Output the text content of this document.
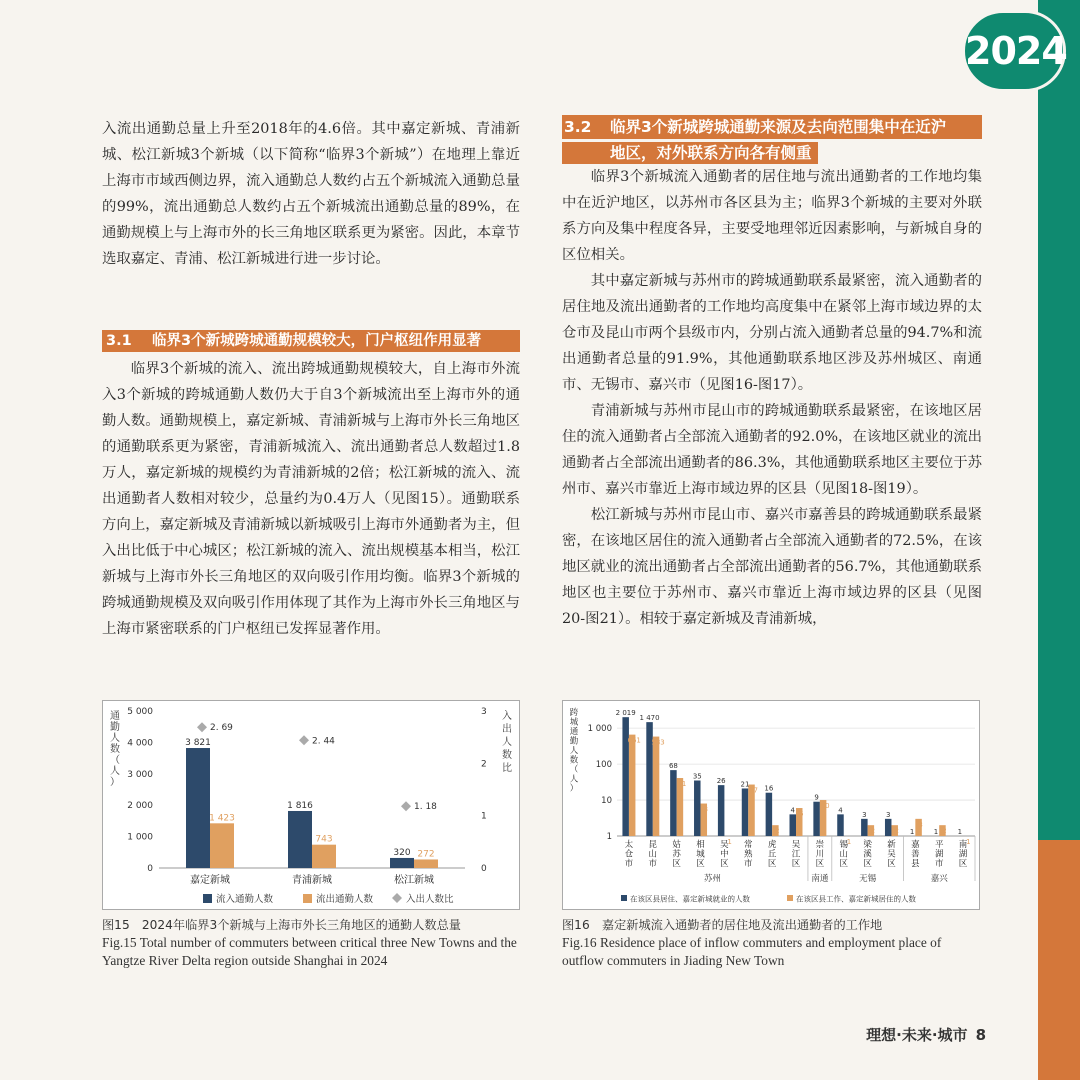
2024

入流出通勤总量上升至2018年的4.6倍。其中嘉定新城、青浦新城、松江新城3个新城（以下简称“临界3个新城”）在地理上靠近上海市市域西侧边界，流入通勤总人数约占五个新城流入通勤总量的99%，流出通勤总人数约占五个新城流出通勤总量的89%，在通勤规模上与上海市外的长三角地区联系更为紧密。因此，本章节选取嘉定、青浦、松江新城进行进一步讨论。

3.1 临界3个新城跨城通勤规模较大，门户枢纽作用显著

临界3个新城的流入、流出跨城通勤规模较大，自上海市外流入3个新城的跨城通勤人数仍大于自3个新城流出至上海市外的通勤人数。通勤规模上，嘉定新城、青浦新城与上海市外长三角地区的通勤联系更为紧密，青浦新城流入、流出通勤者总人数超过1.8万人，嘉定新城的规模约为青浦新城的2倍；松江新城的流入、流出通勤者人数相对较少，总量约为0.4万人（见图15）。通勤联系方向上，嘉定新城及青浦新城以新城吸引上海市外通勤者为主，但入出比低于中心城区；松江新城的流入、流出规模基本相当，松江新城与上海市外长三角地区的双向吸引作用均衡。临界3个新城的跨城通勤规模及双向吸引作用体现了其作为上海市外长三角地区与上海市紧密联系的门户枢纽已发挥显著作用。

3.2 临界3个新城跨城通勤来源及去向范围集中在近沪
地区，对外联系方向各有侧重

临界3个新城流入通勤者的居住地与流出通勤者的工作地均集中在近沪地区，以苏州市各区县为主；临界3个新城的主要对外联系方向及集中程度各异，主要受地理邻近因素影响，与新城自身的区位相关。

其中嘉定新城与苏州市的跨城通勤联系最紧密，流入通勤者的居住地及流出通勤者的工作地均高度集中在紧邻上海市域边界的太仓市及昆山市两个县级市内，分别占流入通勤者总量的94.7%和流出通勤者总量的91.9%，其他通勤联系地区涉及苏州城区、南通市、无锡市、嘉兴市（见图16-图17）。

青浦新城与苏州市昆山市的跨城通勤联系最紧密，在该地区居住的流入通勤者占全部流入通勤者的92.0%，在该地区就业的流出通勤者占全部流出通勤者的86.3%，其他通勤联系地区主要位于苏州市、嘉兴市靠近上海市域边界的区县（见图18-图19）。

松江新城与苏州市昆山市、嘉兴市嘉善县的跨城通勤联系最紧密，在该地区居住的流入通勤者占全部流入通勤者的72.5%，在该地区就业的流出通勤者占全部流出通勤者的56.7%，其他通勤联系地区也主要位于苏州市、嘉兴市靠近上海市域边界的区县（见图20-图21）。相较于嘉定新城及青浦新城，

0
1 000
2 000
3 000
4 000
5 000
0
1
2
3
通
勤
人
数
（
人
）
入
出
人
数
比
3 821
1 423
2. 69
嘉定新城
1 816
743
2. 44
青浦新城
320 272
1. 18
松江新城
流入通勤人数	流出通勤人数	入出人数比
1
10
100
1 000
跨
城
通
勤
人
数
（
人
）
2 019
661
太
仓
市
1 470
583
昆
山
市
68
41
姑
苏
区
35
8
相
城
区
26
1
吴
中
区
21
27
常
熟
市
16
2
虎
丘
区
4 6
吴
江
区
9
10
崇
川
区
4
1
锡
山
区
3
2
梁
溪
区
3
2
新
吴
区
1
3
嘉
善
县
1 2
平
湖
市
1
1
南
湖
区
苏州	南通	无锡	嘉兴
在该区县居住、嘉定新城就业的人数	在该区县工作、嘉定新城居住的人数
图15　2024年临界3个新城与上海市外长三角地区的通勤人数总量
Fig.15 Total number of commuters between critical three New Towns and the Yangtze River Delta region outside Shanghai in 2024
图16　嘉定新城流入通勤者的居住地及流出通勤者的工作地
Fig.16 Residence place of inflow commuters and employment place of outflow commuters in Jiading New Town
理想·未来·城市 8
